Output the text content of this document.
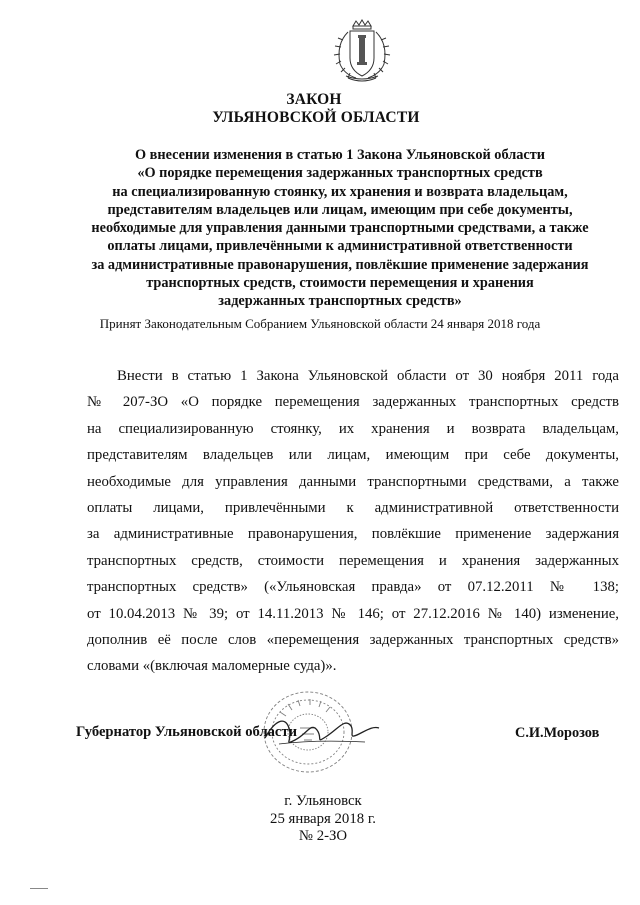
ЗАКОН
УЛЬЯНОВСКОЙ ОБЛАСТИ
О внесении изменения в статью 1 Закона Ульяновской области
«О порядке перемещения задержанных транспортных средств
на специализированную стоянку, их хранения и возврата владельцам,
представителям владельцев или лицам, имеющим при себе документы,
необходимые для управления данными транспортными средствами, а также
оплаты лицами, привлечёнными к административной ответственности
за административные правонарушения, повлёкшие применение задержания
транспортных средств, стоимости перемещения и хранения
задержанных транспортных средств»
Принят Законодательным Собранием Ульяновской области 24 января 2018 года
Внести в статью 1 Закона Ульяновской области от 30 ноября 2011 года
№ 207-ЗО «О порядке перемещения задержанных транспортных средств
на специализированную стоянку, их хранения и возврата владельцам,
представителям владельцев или лицам, имеющим при себе документы,
необходимые для управления данными транспортными средствами, а также
оплаты лицами, привлечёнными к административной ответственности
за административные правонарушения, повлёкшие применение задержания
транспортных средств, стоимости перемещения и хранения задержанных
транспортных средств» («Ульяновская правда» от 07.12.2011 № 138;
от 10.04.2013 № 39; от 14.11.2013 № 146; от 27.12.2016 № 140) изменение,
дополнив её после слов «перемещения задержанных транспортных средств»
словами «(включая маломерные суда)».
Губернатор Ульяновской области	С.И.Морозов
г. Ульяновск
25 января 2018 г.
№ 2-ЗО
